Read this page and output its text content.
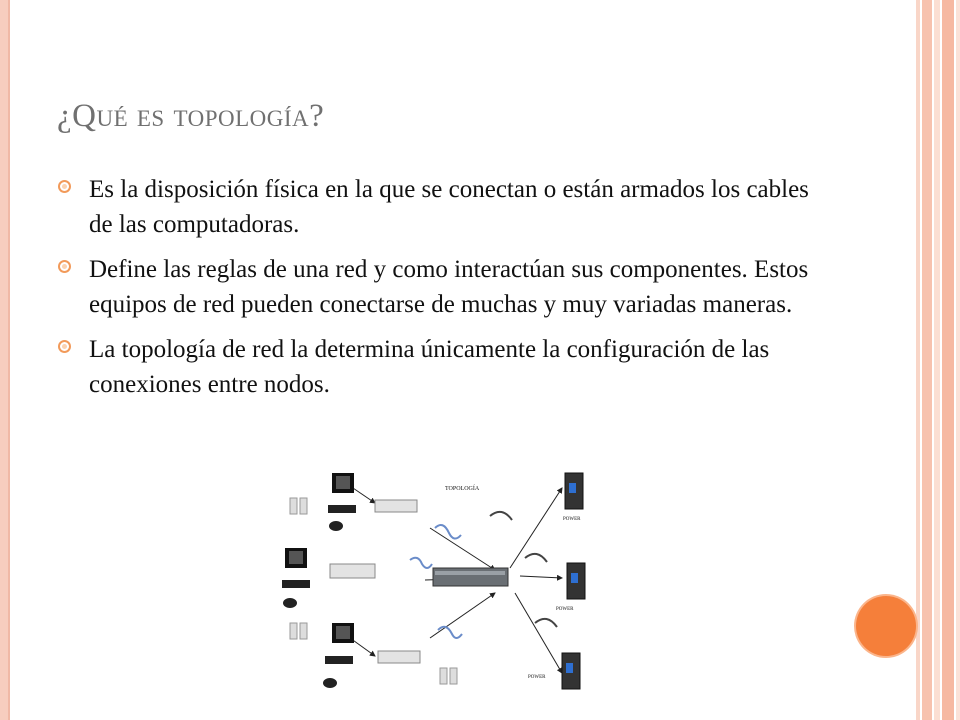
¿Qué es topología?
Es la disposición física en la que se conectan o están armados los cables de las computadoras.
Define las reglas de una red y como interactúan sus componentes. Estos equipos de red pueden conectarse de muchas y muy variadas maneras.
La topología de red la determina únicamente la configuración de las conexiones entre nodos.
TOPOLOGÍA
POWER
POWER
POWER
